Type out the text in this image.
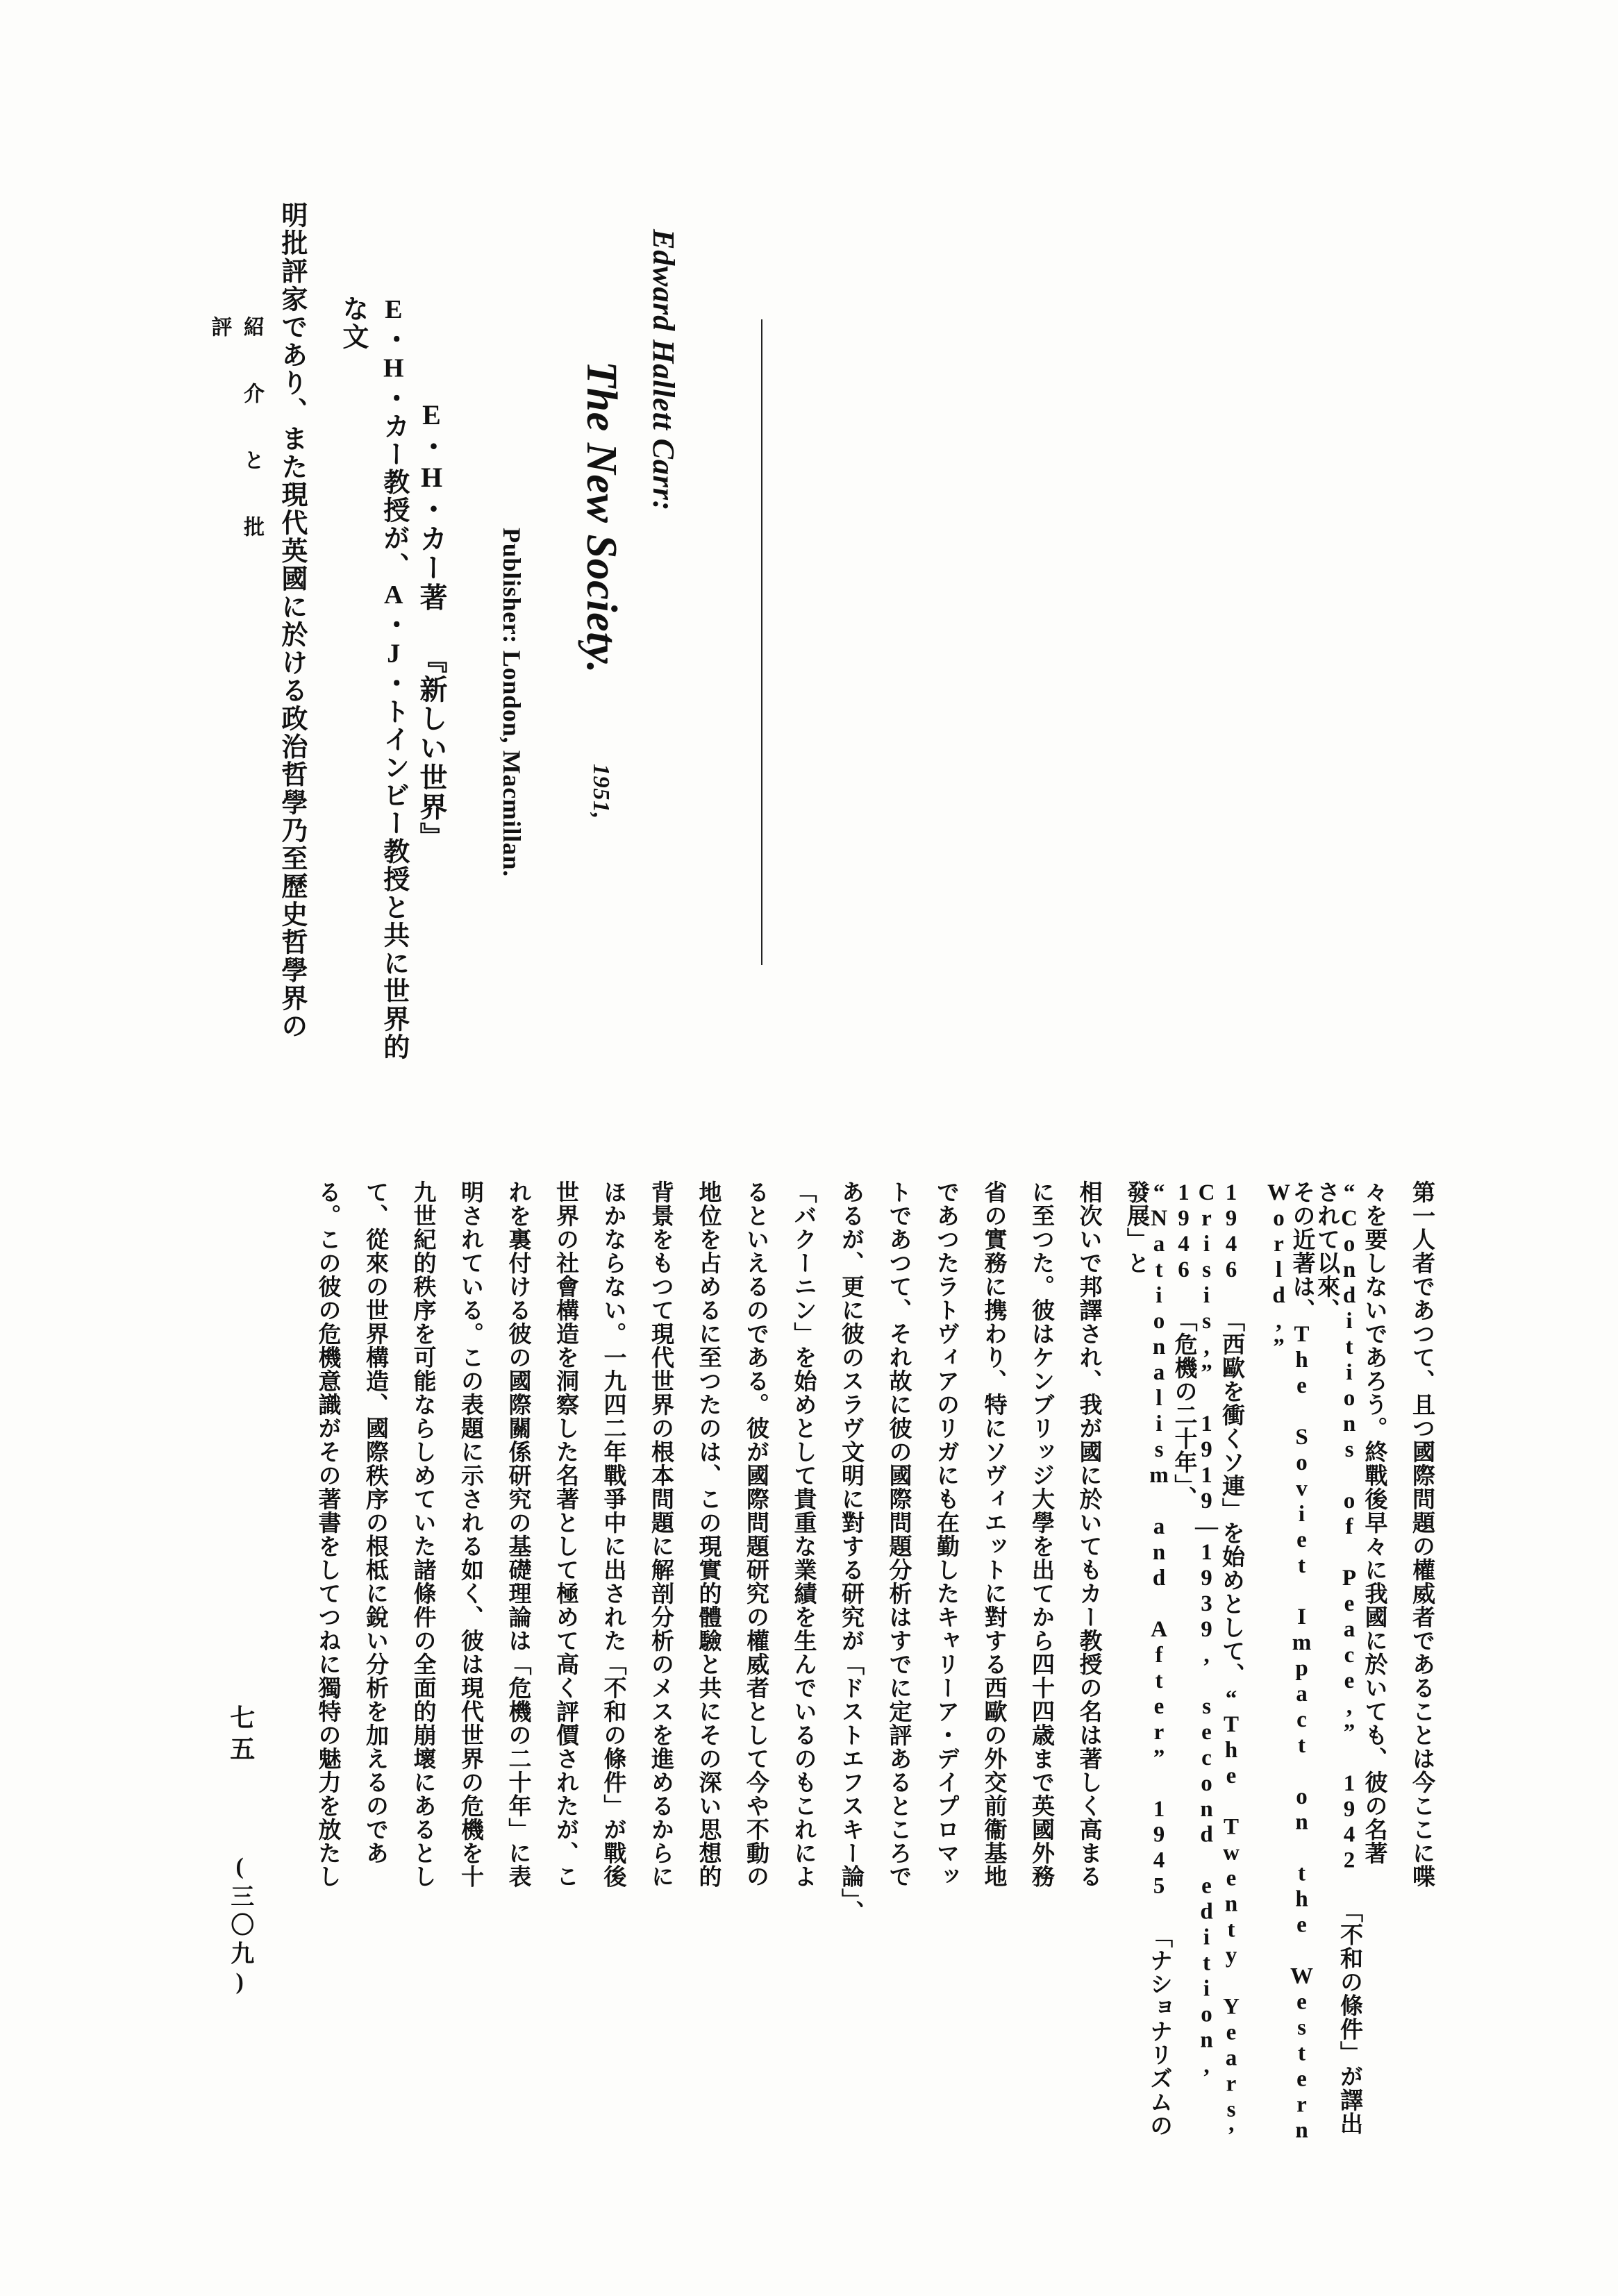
紹 介 と 批 評	Edward Hallett Carr:
The New Society.
1951,
Publisher: London, Macmillan.
E・H・カー著 『新しい世界』
E・H・カー教授が、A・J・トインビー教授と共に世界的な文
明批評家であり、また現代英國に於ける政治哲學乃至歷史哲學界の
第一人者であつて、且つ國際問題の權威者であることは今ここに喋
々を要しないであろう。終戰後早々に我國に於いても、彼の名著
“Conditions of Peace,” 1942 「不和の條件」が譯出されて以來、
その近著は、The Soviet Impact on the Western World,”
1946 「西歐を衝くソ連」を始めとして、“The Twenty Years’
Crisis,” 1919—1939, second edition, 1946 「危機の二十年」、
“Nationalism and After” 1945 「ナショナリズムの發展」と
相次いで邦譯され、我が國に於いてもカー教授の名は著しく高まる
に至つた。彼はケンブリッジ大學を出てから四十四歳まで英國外務
省の實務に携わり、特にソヴィエットに對する西歐の外交前衞基地
であつたラトヴィアのリガにも在勤したキャリーア・デイプロマッ
トであつて、それ故に彼の國際問題分析はすでに定評あるところで
あるが、更に彼のスラヴ文明に對する研究が「ドストエフスキー論」、
「バクーニン」を始めとして貴重な業績を生んでいるのもこれによ
るといえるのである。彼が國際問題研究の權威者として今や不動の
地位を占めるに至つたのは、この現實的體驗と共にその深い思想的
背景をもつて現代世界の根本問題に解剖分析のメスを進めるからに
ほかならない。一九四二年戰爭中に出された「不和の條件」が戰後
世界の社會構造を洞察した名著として極めて高く評價されたが、こ
れを裏付ける彼の國際關係研究の基礎理論は「危機の二十年」に表
明されている。この表題に示される如く、彼は現代世界の危機を十
九世紀的秩序を可能ならしめていた諸條件の全面的崩壞にあるとし
て、從來の世界構造、國際秩序の根柢に銳い分析を加えるのであ
る。この彼の危機意識がその著書をしてつねに獨特の魅力を放たし
七五
(三〇九)
